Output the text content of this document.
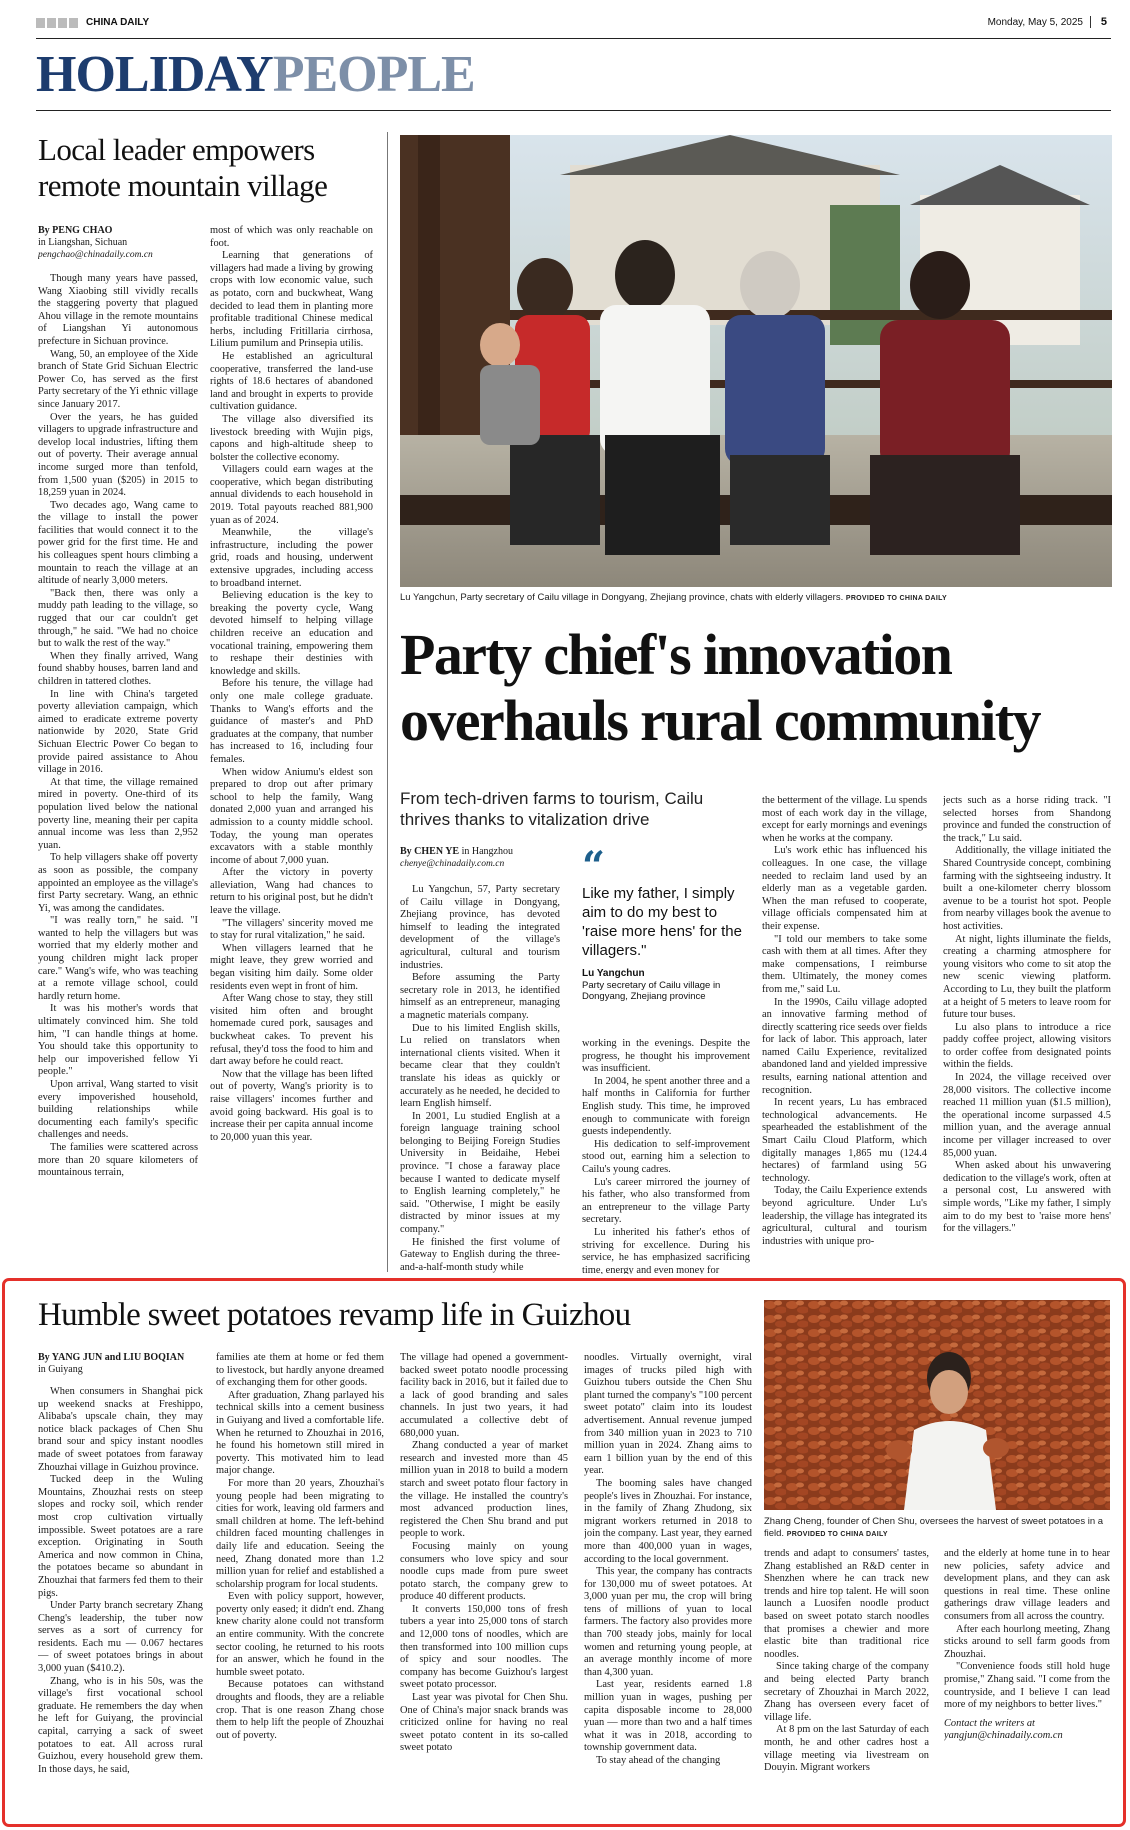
CHINA DAILY	Monday, May 5, 2025 5
HOLIDAYPEOPLE
Local leader empowers
remote mountain village
By PENG CHAO
in Liangshan, Sichuan
pengchao@chinadaily.com.cn

Though many years have passed, Wang Xiaobing still vividly recalls the staggering poverty that plagued Ahou village in the remote mountains of Liangshan Yi autonomous prefecture in Sichuan province.

Wang, 50, an employee of the Xide branch of State Grid Sichuan Electric Power Co, has served as the first Party secretary of the Yi ethnic village since January 2017.

Over the years, he has guided villagers to upgrade infrastructure and develop local industries, lifting them out of poverty. Their average annual income surged more than tenfold, from 1,500 yuan ($205) in 2015 to 18,259 yuan in 2024.

Two decades ago, Wang came to the village to install the power facilities that would connect it to the power grid for the first time. He and his colleagues spent hours climbing a mountain to reach the village at an altitude of nearly 3,000 meters.

"Back then, there was only a muddy path leading to the village, so rugged that our car couldn't get through," he said. "We had no choice but to walk the rest of the way."

When they finally arrived, Wang found shabby houses, barren land and children in tattered clothes.

In line with China's targeted poverty alleviation campaign, which aimed to eradicate extreme poverty nationwide by 2020, State Grid Sichuan Electric Power Co began to provide paired assistance to Ahou village in 2016.

At that time, the village remained mired in poverty. One-third of its population lived below the national poverty line, meaning their per capita annual income was less than 2,952 yuan.

To help villagers shake off poverty as soon as possible, the company appointed an employee as the village's first Party secretary. Wang, an ethnic Yi, was among the candidates.

"I was really torn," he said. "I wanted to help the villagers but was worried that my elderly mother and young children might lack proper care." Wang's wife, who was teaching at a remote village school, could hardly return home.

It was his mother's words that ultimately convinced him. She told him, "I can handle things at home. You should take this opportunity to help our impoverished fellow Yi people."

Upon arrival, Wang started to visit every impoverished household, building relationships while documenting each family's specific challenges and needs.

The families were scattered across more than 20 square kilometers of mountainous terrain,

most of which was only reachable on foot.

Learning that generations of villagers had made a living by growing crops with low economic value, such as potato, corn and buckwheat, Wang decided to lead them in planting more profitable traditional Chinese medical herbs, including Fritillaria cirrhosa, Lilium pumilum and Prinsepia utilis.

He established an agricultural cooperative, transferred the land-use rights of 18.6 hectares of abandoned land and brought in experts to provide cultivation guidance.

The village also diversified its livestock breeding with Wujin pigs, capons and high-altitude sheep to bolster the collective economy.

Villagers could earn wages at the cooperative, which began distributing annual dividends to each household in 2019. Total payouts reached 881,900 yuan as of 2024.

Meanwhile, the village's infrastructure, including the power grid, roads and housing, underwent extensive upgrades, including access to broadband internet.

Believing education is the key to breaking the poverty cycle, Wang devoted himself to helping village children receive an education and vocational training, empowering them to reshape their destinies with knowledge and skills.

Before his tenure, the village had only one male college graduate. Thanks to Wang's efforts and the guidance of master's and PhD graduates at the company, that number has increased to 16, including four females.

When widow Aniumu's eldest son prepared to drop out after primary school to help the family, Wang donated 2,000 yuan and arranged his admission to a county middle school. Today, the young man operates excavators with a stable monthly income of about 7,000 yuan.

After the victory in poverty alleviation, Wang had chances to return to his original post, but he didn't leave the village.

"The villagers' sincerity moved me to stay for rural vitalization," he said.

When villagers learned that he might leave, they grew worried and began visiting him daily. Some older residents even wept in front of him.

After Wang chose to stay, they still visited him often and brought homemade cured pork, sausages and buckwheat cakes. To prevent his refusal, they'd toss the food to him and dart away before he could react.

Now that the village has been lifted out of poverty, Wang's priority is to raise villagers' incomes further and avoid going backward. His goal is to increase their per capita annual income to 20,000 yuan this year.

Lu Yangchun, Party secretary of Cailu village in Dongyang, Zhejiang province, chats with elderly villagers. PROVIDED TO CHINA DAILY
Party chief's innovation
overhauls rural community
From tech-driven farms to tourism, Cailu thrives thanks to vitalization drive
By CHEN YE in Hangzhou
chenye@chinadaily.com.cn

Lu Yangchun, 57, Party secretary of Cailu village in Dongyang, Zhejiang province, has devoted himself to leading the integrated development of the village's agricultural, cultural and tourism industries.

Before assuming the Party secretary role in 2013, he identified himself as an entrepreneur, managing a magnetic materials company.

Due to his limited English skills, Lu relied on translators when international clients visited. When it became clear that they couldn't translate his ideas as quickly or accurately as he needed, he decided to learn English himself.

In 2001, Lu studied English at a foreign language training school belonging to Beijing Foreign Studies University in Beidaihe, Hebei province. "I chose a faraway place because I wanted to dedicate myself to English learning completely," he said. "Otherwise, I might be easily distracted by minor issues at my company."

He finished the first volume of Gateway to English during the three-and-a-half-month study while

“
Like my father, I simply aim to do my best to 'raise more hens' for the villagers."
Lu Yangchun
Party secretary of Cailu village in Dongyang, Zhejiang province

working in the evenings. Despite the progress, he thought his improvement was insufficient.

In 2004, he spent another three and a half months in California for further English study. This time, he improved enough to communicate with foreign guests independently.

His dedication to self-improvement stood out, earning him a selection to Cailu's young cadres.

Lu's career mirrored the journey of his father, who also transformed from an entrepreneur to the village Party secretary.

Lu inherited his father's ethos of striving for excellence. During his service, he has emphasized sacrificing time, energy and even money for

the betterment of the village. Lu spends most of each work day in the village, except for early mornings and evenings when he works at the company.

Lu's work ethic has influenced his colleagues. In one case, the village needed to reclaim land used by an elderly man as a vegetable garden. When the man refused to cooperate, village officials compensated him at their expense.

"I told our members to take some cash with them at all times. After they make compensations, I reimburse them. Ultimately, the money comes from me," said Lu.

In the 1990s, Cailu village adopted an innovative farming method of directly scattering rice seeds over fields for lack of labor. This approach, later named Cailu Experience, revitalized abandoned land and yielded impressive results, earning national attention and recognition.

In recent years, Lu has embraced technological advancements. He spearheaded the establishment of the Smart Cailu Cloud Platform, which digitally manages 1,865 mu (124.4 hectares) of farmland using 5G technology.

Today, the Cailu Experience extends beyond agriculture. Under Lu's leadership, the village has integrated its agricultural, cultural and tourism industries with unique pro-

jects such as a horse riding track. "I selected horses from Shandong province and funded the construction of the track," Lu said.

Additionally, the village initiated the Shared Countryside concept, combining farming with the sightseeing industry. It built a one-kilometer cherry blossom avenue to be a tourist hot spot. People from nearby villages book the avenue to host activities.

At night, lights illuminate the fields, creating a charming atmosphere for young visitors who come to sit atop the new scenic viewing platform. According to Lu, they built the platform at a height of 5 meters to leave room for future tour buses.

Lu also plans to introduce a rice paddy coffee project, allowing visitors to order coffee from designated points within the fields.

In 2024, the village received over 28,000 visitors. The collective income reached 11 million yuan ($1.5 million), the operational income surpassed 4.5 million yuan, and the average annual income per villager increased to over 85,000 yuan.

When asked about his unwavering dedication to the village's work, often at a personal cost, Lu answered with simple words, "Like my father, I simply aim to do my best to 'raise more hens' for the villagers."

Humble sweet potatoes revamp life in Guizhou
Zhang Cheng, founder of Chen Shu, oversees the harvest of sweet potatoes in a field. PROVIDED TO CHINA DAILY
By YANG JUN and LIU BOQIAN
in Guiyang

When consumers in Shanghai pick up weekend snacks at Freshippo, Alibaba's upscale chain, they may notice black packages of Chen Shu brand sour and spicy instant noodles made of sweet potatoes from faraway Zhouzhai village in Guizhou province.

Tucked deep in the Wuling Mountains, Zhouzhai rests on steep slopes and rocky soil, which render most crop cultivation virtually impossible. Sweet potatoes are a rare exception. Originating in South America and now common in China, the potatoes became so abundant in Zhouzhai that farmers fed them to their pigs.

Under Party branch secretary Zhang Cheng's leadership, the tuber now serves as a sort of currency for residents. Each mu — 0.067 hectares — of sweet potatoes brings in about 3,000 yuan ($410.2).

Zhang, who is in his 50s, was the village's first vocational school graduate. He remembers the day when he left for Guiyang, the provincial capital, carrying a sack of sweet potatoes to eat. All across rural Guizhou, every household grew them. In those days, he said,

families ate them at home or fed them to livestock, but hardly anyone dreamed of exchanging them for other goods.

After graduation, Zhang parlayed his technical skills into a cement business in Guiyang and lived a comfortable life. When he returned to Zhouzhai in 2016, he found his hometown still mired in poverty. This motivated him to lead major change.

For more than 20 years, Zhouzhai's young people had been migrating to cities for work, leaving old farmers and small children at home. The left-behind children faced mounting challenges in daily life and education. Seeing the need, Zhang donated more than 1.2 million yuan for relief and established a scholarship program for local students.

Even with policy support, however, poverty only eased; it didn't end. Zhang knew charity alone could not transform an entire community. With the concrete sector cooling, he returned to his roots for an answer, which he found in the humble sweet potato.

Because potatoes can withstand droughts and floods, they are a reliable crop. That is one reason Zhang chose them to help lift the people of Zhouzhai out of poverty.

The village had opened a government-backed sweet potato noodle processing facility back in 2016, but it failed due to a lack of good branding and sales channels. In just two years, it had accumulated a collective debt of 680,000 yuan.

Zhang conducted a year of market research and invested more than 45 million yuan in 2018 to build a modern starch and sweet potato flour factory in the village. He installed the country's most advanced production lines, registered the Chen Shu brand and put people to work.

Focusing mainly on young consumers who love spicy and sour noodle cups made from pure sweet potato starch, the company grew to produce 40 different products.

It converts 150,000 tons of fresh tubers a year into 25,000 tons of starch and 12,000 tons of noodles, which are then transformed into 100 million cups of spicy and sour noodles. The company has become Guizhou's largest sweet potato processor.

Last year was pivotal for Chen Shu. One of China's major snack brands was criticized online for having no real sweet potato content in its so-called sweet potato

noodles. Virtually overnight, viral images of trucks piled high with Guizhou tubers outside the Chen Shu plant turned the company's "100 percent sweet potato" claim into its loudest advertisement. Annual revenue jumped from 340 million yuan in 2023 to 710 million yuan in 2024. Zhang aims to earn 1 billion yuan by the end of this year.

The booming sales have changed people's lives in Zhouzhai. For instance, in the family of Zhang Zhudong, six migrant workers returned in 2018 to join the company. Last year, they earned more than 400,000 yuan in wages, according to the local government.

This year, the company has contracts for 130,000 mu of sweet potatoes. At 3,000 yuan per mu, the crop will bring tens of millions of yuan to local farmers. The factory also provides more than 700 steady jobs, mainly for local women and returning young people, at an average monthly income of more than 4,300 yuan.

Last year, residents earned 1.8 million yuan in wages, pushing per capita disposable income to 28,000 yuan — more than two and a half times what it was in 2018, according to township government data.

To stay ahead of the changing

trends and adapt to consumers' tastes, Zhang established an R&D center in Shenzhen where he can track new trends and hire top talent. He will soon launch a Luosifen noodle product based on sweet potato starch noodles that promises a chewier and more elastic bite than traditional rice noodles.

Since taking charge of the company and being elected Party branch secretary of Zhouzhai in March 2022, Zhang has overseen every facet of village life.

At 8 pm on the last Saturday of each month, he and other cadres host a village meeting via livestream on Douyin. Migrant workers

and the elderly at home tune in to hear new policies, safety advice and development plans, and they can ask questions in real time. These online gatherings draw village leaders and consumers from all across the country.

After each hourlong meeting, Zhang sticks around to sell farm goods from Zhouzhai.

"Convenience foods still hold huge promise," Zhang said. "I come from the countryside, and I believe I can lead more of my neighbors to better lives."

Contact the writers at
yangjun@chinadaily.com.cn
